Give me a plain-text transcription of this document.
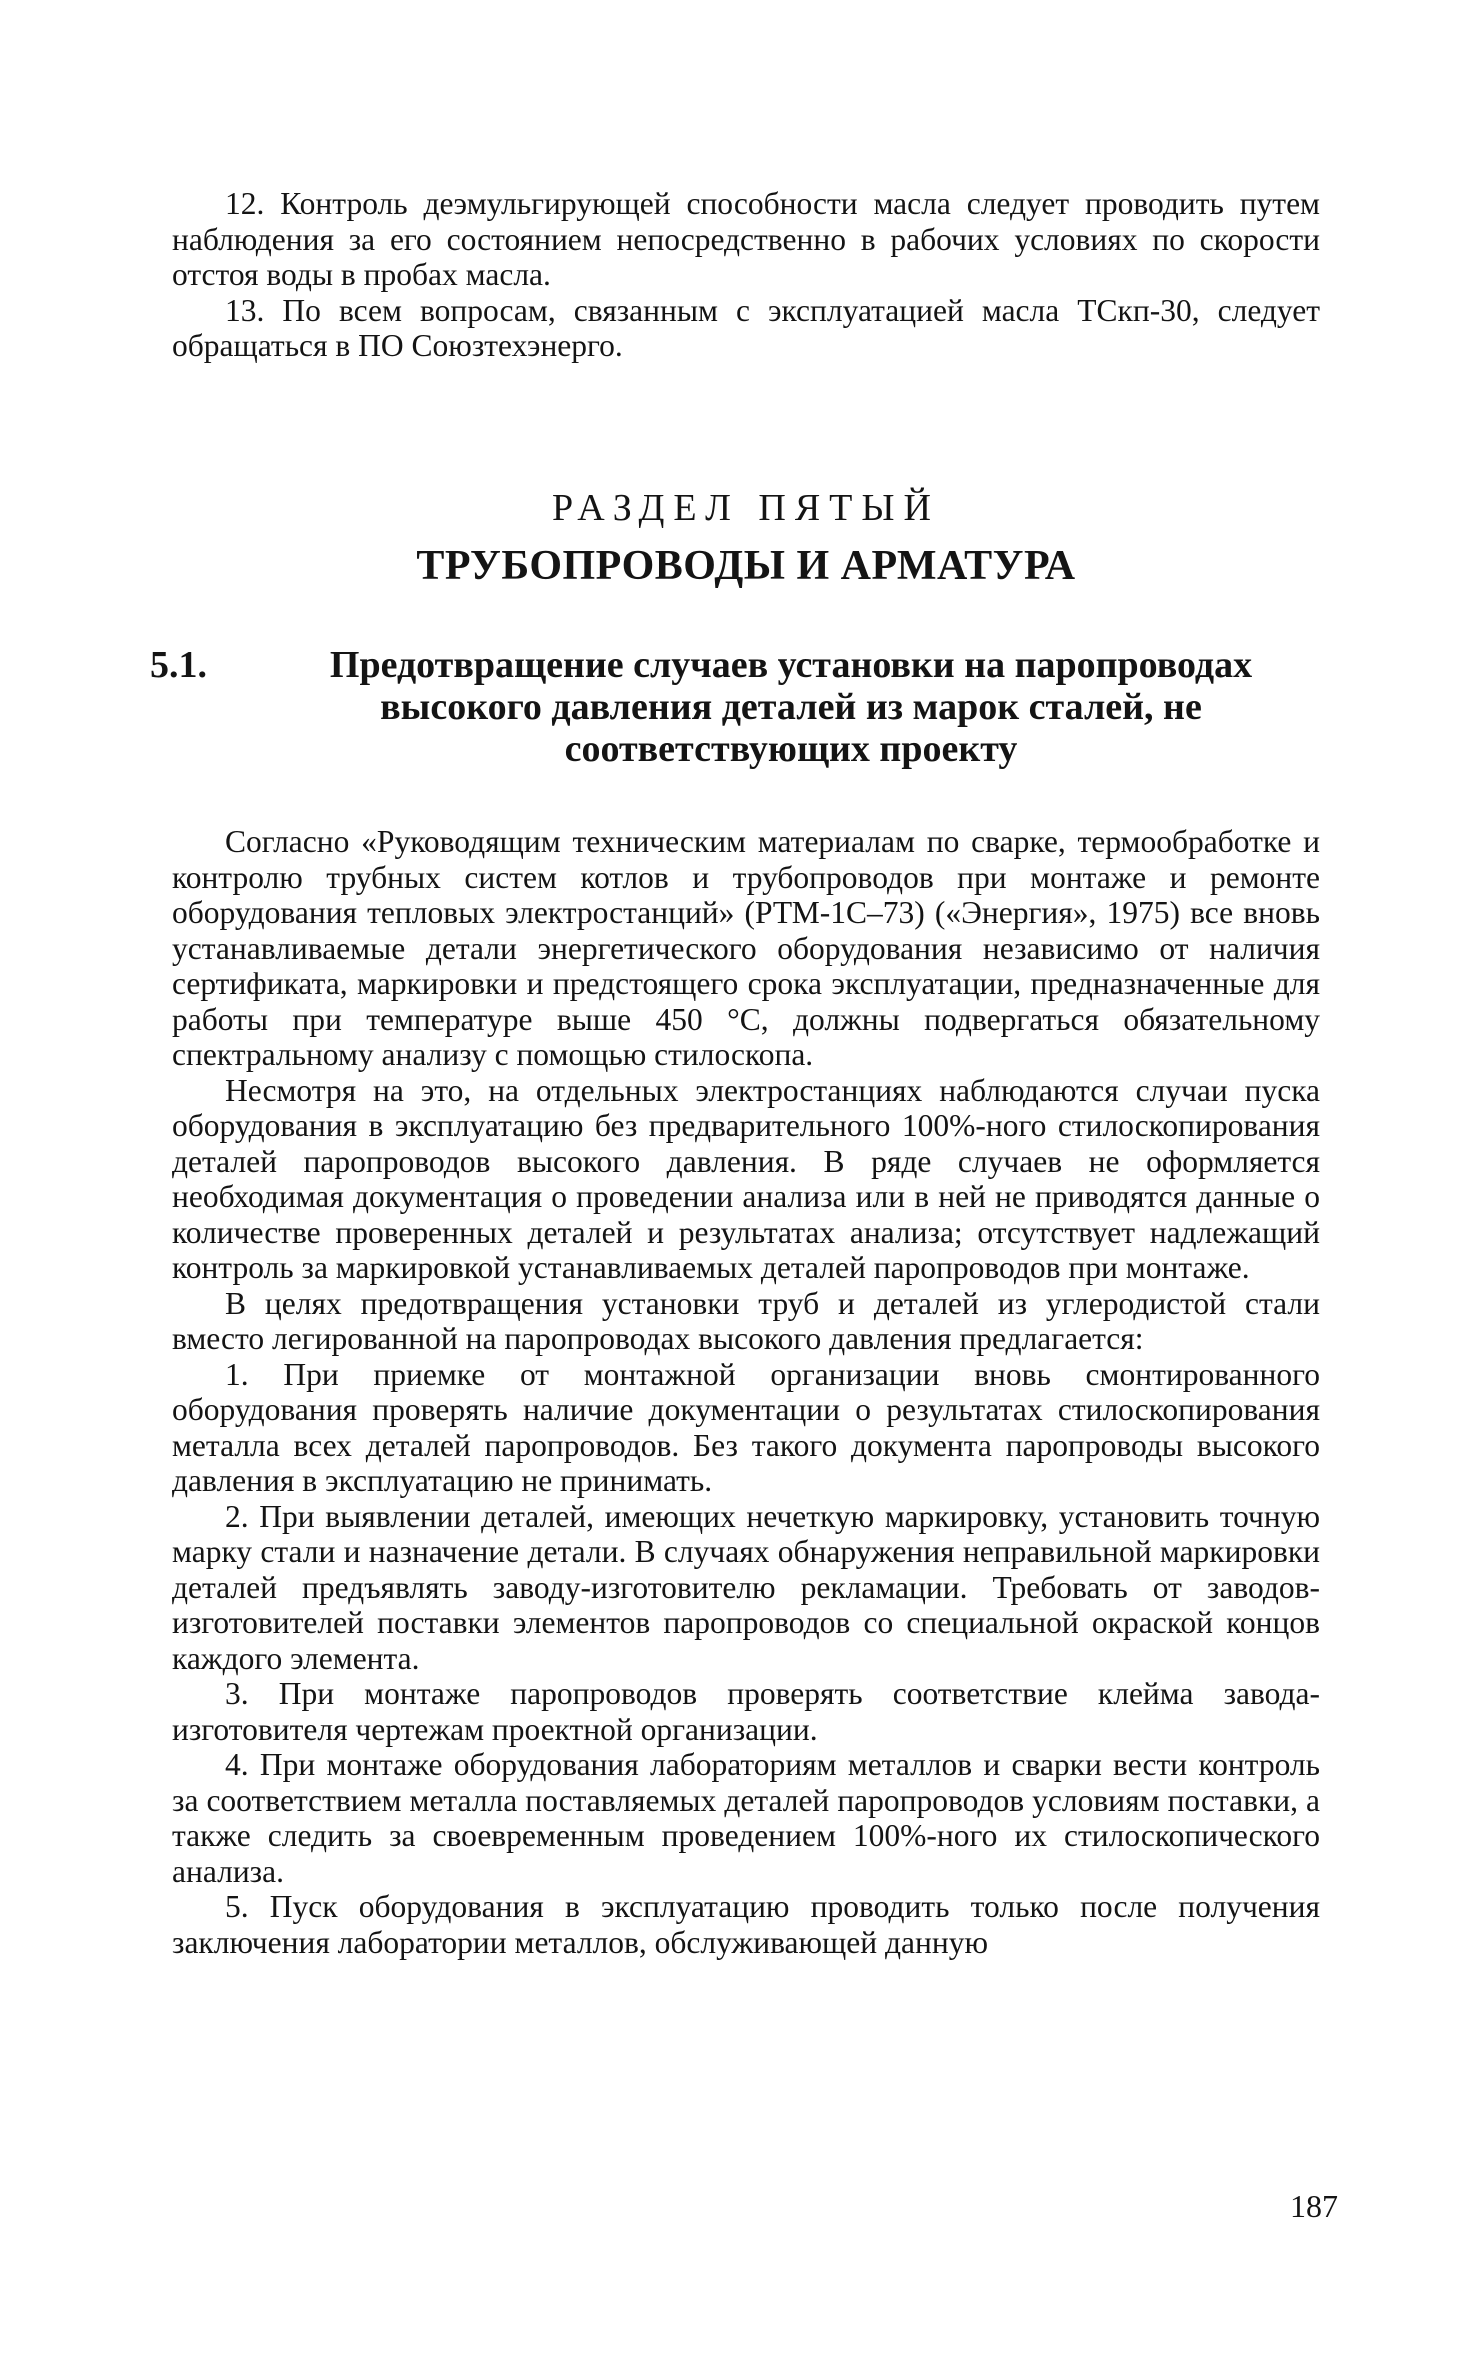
12. Контроль деэмульгирующей способности масла следует проводить путем наблюдения за его состоянием непосредственно в рабочих условиях по скорости отстоя воды в пробах масла.

13. По всем вопросам, связанным с эксплуатацией масла ТСкп-30, следует обращаться в ПО Союзтехэнерго.

РАЗДЕЛ ПЯТЫЙ
ТРУБОПРОВОДЫ И АРМАТУРА
5.1.	Предотвращение случаев установки на паропроводах высокого давления деталей из марок сталей, не соответствующих проекту

Согласно «Руководящим техническим материалам по сварке, термообработке и контролю трубных систем котлов и трубопроводов при монтаже и ремонте оборудования тепловых электростанций» (РТМ-1С–73) («Энергия», 1975) все вновь устанавливаемые детали энергетического оборудования независимо от наличия сертификата, маркировки и предстоящего срока эксплуатации, предназначенные для работы при температуре выше 450 °С, должны подвергаться обязательному спектральному анализу с помощью стилоскопа.

Несмотря на это, на отдельных электростанциях наблюдаются случаи пуска оборудования в эксплуатацию без предварительного 100%-ного стилоскопирования деталей паропроводов высокого давления. В ряде случаев не оформляется необходимая документация о проведении анализа или в ней не приводятся данные о количестве проверенных деталей и результатах анализа; отсутствует надлежащий контроль за маркировкой устанавливаемых деталей паропроводов при монтаже.

В целях предотвращения установки труб и деталей из углеродистой стали вместо легированной на паропроводах высокого давления предлагается:

1. При приемке от монтажной организации вновь смонтированного оборудования проверять наличие документации о результатах стилоскопирования металла всех деталей паропроводов. Без такого документа паропроводы высокого давления в эксплуатацию не принимать.

2. При выявлении деталей, имеющих нечеткую маркировку, установить точную марку стали и назначение детали. В случаях обнаружения неправильной маркировки деталей предъявлять заводу-изготовителю рекламации. Требовать от заводов-изготовителей поставки элементов паропроводов со специальной окраской концов каждого элемента.

3. При монтаже паропроводов проверять соответствие клейма завода-изготовителя чертежам проектной организации.

4. При монтаже оборудования лабораториям металлов и сварки вести контроль за соответствием металла поставляемых деталей паропроводов условиям поставки, а также следить за своевременным проведением 100%-ного их стилоскопического анализа.

5. Пуск оборудования в эксплуатацию проводить только после получения заключения лаборатории металлов, обслуживающей данную

187
